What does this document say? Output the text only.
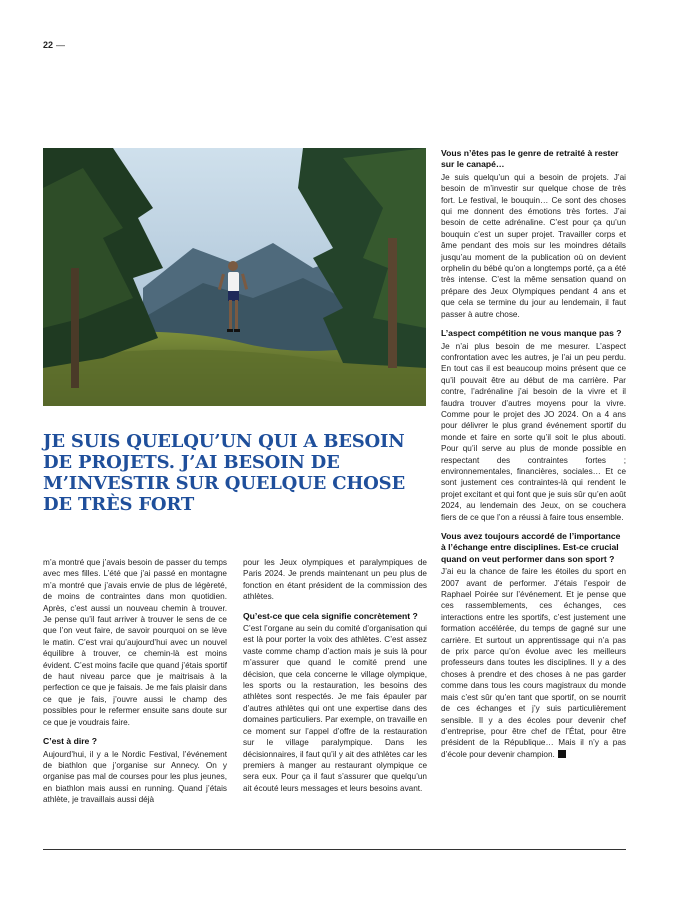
22 —
JE SUIS QUELQU’UN QUI A BESOIN DE PROJETS. J’AI BESOIN DE M’INVESTIR SUR QUELQUE CHOSE DE TRÈS FORT

m’a montré que j’avais besoin de passer du temps avec mes filles. L’été que j’ai passé en montagne m’a montré que j’avais envie de plus de légèreté, de moins de contraintes dans mon quotidien. Après, c’est aussi un nouveau chemin à trouver. Je pense qu’il faut arriver à trouver le sens de ce que l’on veut faire, de savoir pourquoi on se lève le matin. C’est vrai qu’aujourd’hui avec un nouvel équilibre à trouver, ce chemin-là est moins évident. C’est moins facile que quand j’étais sportif de haut niveau parce que je maitrisais à la perfection ce que je faisais. Je me fais plaisir dans ce que je fais, j’ouvre aussi le champ des possibles pour le refermer ensuite sans doute sur ce que je voudrais faire.

C’est à dire ?

Aujourd’hui, il y a le Nordic Festival, l’événement de biathlon que j’organise sur Annecy. On y organise pas mal de courses pour les plus jeunes, en biathlon mais aussi en running. Quand j’étais athlète, je travaillais aussi déjà

pour les Jeux olympiques et paralympiques de Paris 2024. Je prends maintenant un peu plus de fonction en étant président de la commission des athlètes.

Qu’est-ce que cela signifie concrètement ?

C’est l’organe au sein du comité d’organisation qui est là pour porter la voix des athlètes. C’est assez vaste comme champ d’action mais je suis là pour m’assurer que quand le comité prend une décision, que cela concerne le village olympique, les sports ou la restauration, les besoins des athlètes sont respectés. Je me fais épauler par d’autres athlètes qui ont une expertise dans des domaines particuliers. Par exemple, on travaille en ce moment sur l’appel d’offre de la restauration sur le village paralympique. Dans les décisionnaires, il faut qu’il y ait des athlètes car les premiers à manger au restaurant olympique ce sera eux. Pour ça il faut s’assurer que quelqu’un ait écouté leurs messages et leurs besoins avant.

Vous n’êtes pas le genre de retraité à rester sur le canapé…

Je suis quelqu’un qui a besoin de projets. J’ai besoin de m’investir sur quelque chose de très fort. Le festival, le bouquin… Ce sont des choses qui me donnent des émotions très fortes. J’ai besoin de cette adrénaline. C’est pour ça qu’un bouquin c’est un super projet. Travailler corps et âme pendant des mois sur les moindres détails jusqu’au moment de la publication où on devient orphelin du bébé qu’on a longtemps porté, ça a été très intense. C’est la même sensation quand on prépare des Jeux Olympiques pendant 4 ans et que cela se termine du jour au lendemain, il faut passer à autre chose.

L’aspect compétition ne vous manque pas ?

Je n’ai plus besoin de me mesurer. L’aspect confrontation avec les autres, je l’ai un peu perdu. En tout cas il est beaucoup moins présent que ce qu’il pouvait être au début de ma carrière. Par contre, l’adrénaline j’ai besoin de la vivre et il faudra trouver d’autres moyens pour la vivre. Comme pour le projet des JO 2024. On a 4 ans pour délivrer le plus grand événement sportif du monde et faire en sorte qu’il soit le plus abouti. Pour qu’il serve au plus de monde possible en respectant des contraintes fortes ; environnementales, financières, sociales… Et ce sont justement ces contraintes-là qui rendent le projet excitant et qui font que je suis sûr qu’en août 2024, au lendemain des Jeux, on se couchera fiers de ce que l’on a réussi à faire tous ensemble.

Vous avez toujours accordé de l’importance à l’échange entre disciplines. Est-ce crucial quand on veut performer dans son sport ?

J’ai eu la chance de faire les étoiles du sport en 2007 avant de performer. J’étais l’espoir de Raphael Poirée sur l’événement. Et je pense que ces rassemblements, ces échanges, ces interactions entre les sportifs, c’est justement une formation accélérée, du temps de gagné sur une carrière. Et surtout un apprentissage qui n’a pas de prix parce qu’on évolue avec les meilleurs professeurs dans toutes les disciplines. Il y a des choses à prendre et des choses à ne pas garder comme dans tous les cours magistraux du monde mais c’est sûr qu’en tant que sportif, on se nourrit de ces échanges et j’y suis particulièrement sensible. Il y a des écoles pour devenir chef d’entreprise, pour être chef de l’État, pour être président de la République… Mais il n’y a pas d’école pour devenir champion.
